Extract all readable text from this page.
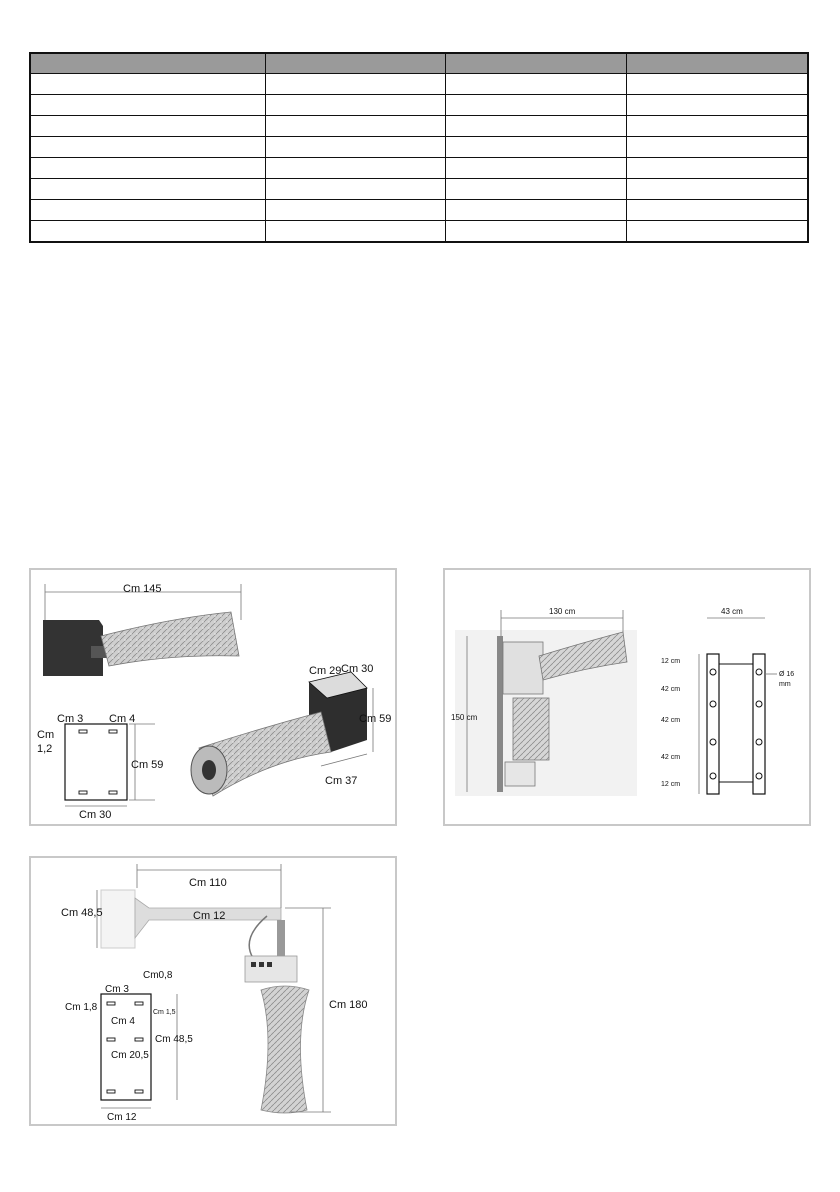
Cm 145
Cm 3 Cm 4
Cm
1,2
Cm 59
Cm 30
Cm 29 Cm 30
Cm 59
Cm 37
130 cm
150 cm
43 cm
12 cm
42 cm
42 cm
42 cm
12 cm
Ø 16
mm
Cm 110
Cm 48,5	Cm 12
Cm 180
Cm 3
Cm0,8
Cm 1,8	Cm 1,5
Cm 4
Cm 20,5
Cm 48,5
Cm 12
